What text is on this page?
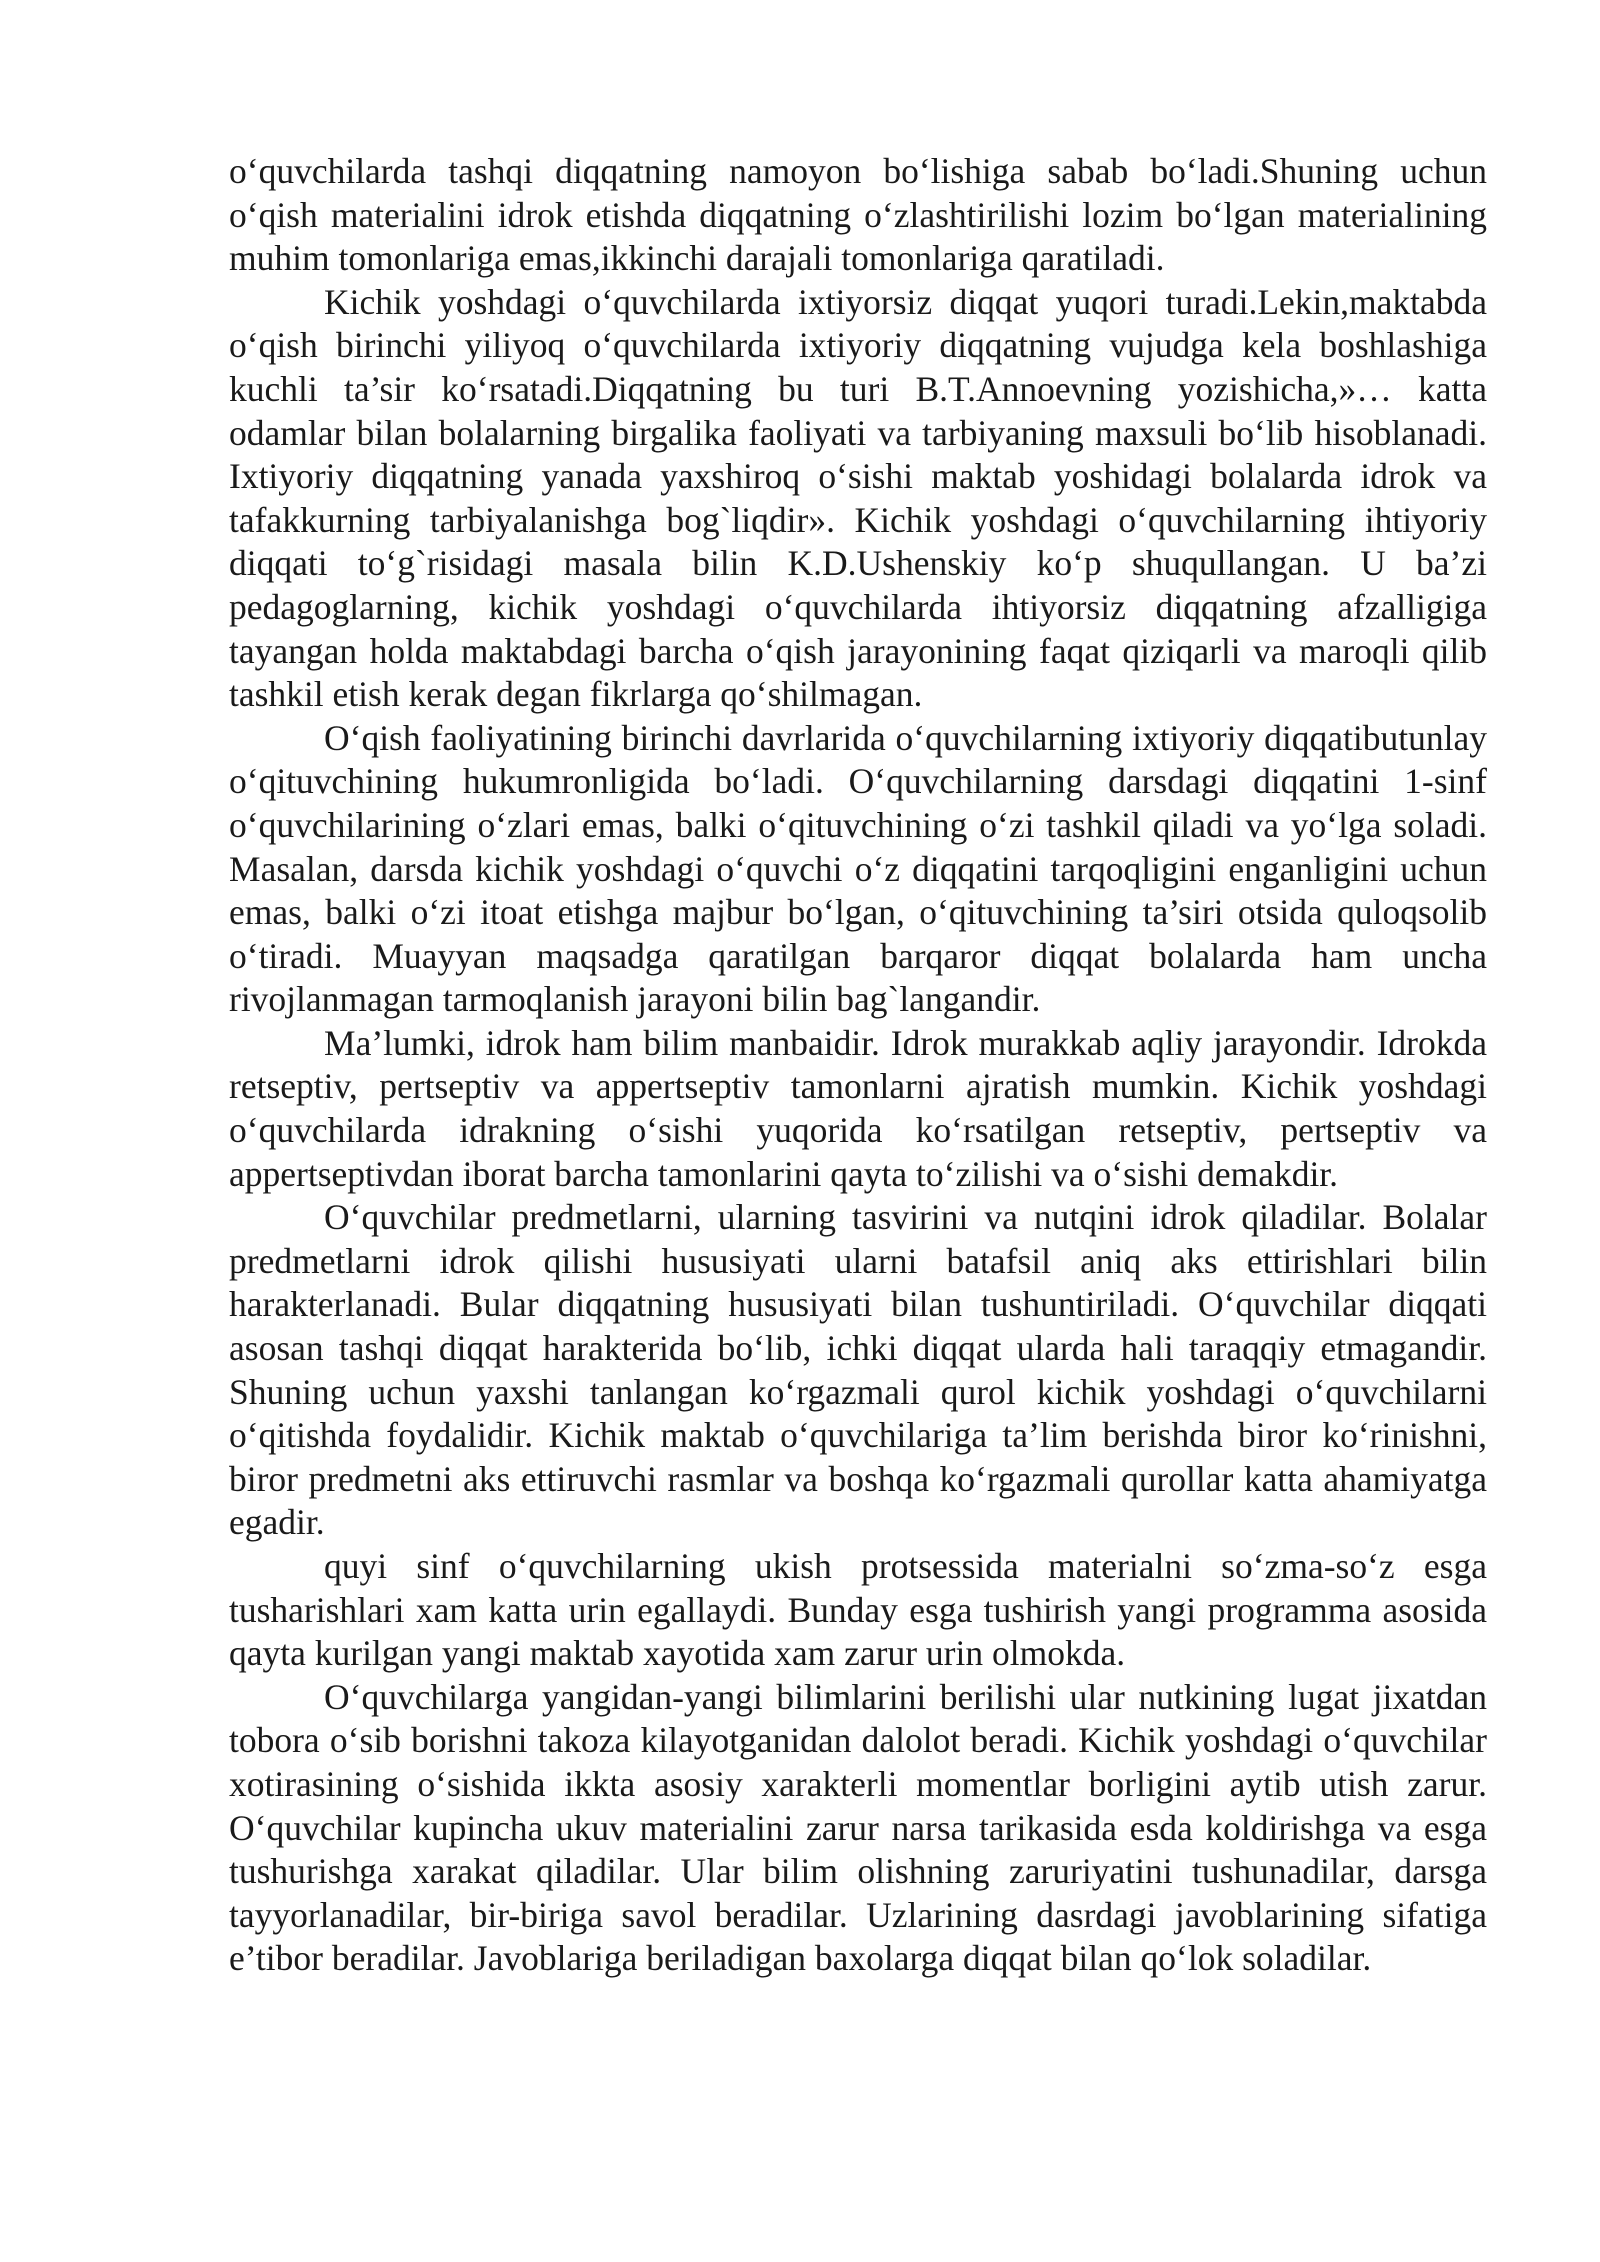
o‘quvchilarda tashqi diqqatning namoyon bo‘lishiga sabab bo‘ladi.Shuning uchun o‘qish materialini idrok etishda diqqatning o‘zlashtirilishi lozim bo‘lgan materialining muhim tomonlariga emas,ikkinchi darajali tomonlariga qaratiladi.

Kichik yoshdagi o‘quvchilarda ixtiyorsiz diqqat yuqori turadi.Lekin,maktabda o‘qish birinchi yiliyoq o‘quvchilarda ixtiyoriy diqqatning vujudga kela boshlashiga kuchli ta’sir ko‘rsatadi.Diqqatning bu turi B.T.Annoevning yozishicha,»… katta odamlar bilan bolalarning birgalika faoliyati va tarbiyaning maxsuli bo‘lib hisoblanadi. Ixtiyoriy diqqatning yanada yaxshiroq o‘sishi maktab yoshidagi bolalarda idrok va tafakkurning tarbiyalanishga bog`liqdir». Kichik yoshdagi o‘quvchilarning ihtiyoriy diqqati to‘g`risidagi masala bilin K.D.Ushenskiy ko‘p shuqullangan. U ba’zi pedagoglarning, kichik yoshdagi o‘quvchilarda ihtiyorsiz diqqatning afzalligiga tayangan holda maktabdagi barcha o‘qish jarayonining faqat qiziqarli va maroqli qilib tashkil etish kerak degan fikrlarga qo‘shilmagan.

O‘qish faoliyatining birinchi davrlarida o‘quvchilarning ixtiyoriy diqqatibutunlay o‘qituvchining hukumronligida bo‘ladi. O‘quvchilarning darsdagi diqqatini 1-sinf o‘quvchilarining o‘zlari emas, balki o‘qituvchining o‘zi tashkil qiladi va yo‘lga soladi. Masalan, darsda kichik yoshdagi o‘quvchi o‘z diqqatini tarqoqligini enganligini uchun emas, balki o‘zi itoat etishga majbur bo‘lgan, o‘qituvchining ta’siri otsida quloqsolib o‘tiradi. Muayyan maqsadga qaratilgan barqaror diqqat bolalarda ham uncha rivojlanmagan tarmoqlanish jarayoni bilin bag`langandir.

Ma’lumki, idrok ham bilim manbaidir. Idrok murakkab aqliy jarayondir. Idrokda retseptiv, pertseptiv va appertseptiv tamonlarni ajratish mumkin. Kichik yoshdagi o‘quvchilarda idrakning o‘sishi yuqorida ko‘rsatilgan retseptiv, pertseptiv va appertseptivdan iborat barcha tamonlarini qayta to‘zilishi va o‘sishi demakdir.

O‘quvchilar predmetlarni, ularning tasvirini va nutqini idrok qiladilar. Bolalar predmetlarni idrok qilishi hususiyati ularni batafsil aniq aks ettirishlari bilin harakterlanadi. Bular diqqatning hususiyati bilan tushuntiriladi. O‘quvchilar diqqati asosan tashqi diqqat harakterida bo‘lib, ichki diqqat ularda hali taraqqiy etmagandir. Shuning uchun yaxshi tanlangan ko‘rgazmali qurol kichik yoshdagi o‘quvchilarni o‘qitishda foydalidir. Kichik maktab o‘quvchilariga ta’lim berishda biror ko‘rinishni, biror predmetni aks ettiruvchi rasmlar va boshqa ko‘rgazmali qurollar katta ahamiyatga egadir.

quyi sinf o‘quvchilarning ukish protsessida materialni so‘zma-so‘z esga tusharishlari xam katta urin egallaydi. Bunday esga tushirish yangi programma asosida qayta kurilgan yangi maktab xayotida xam zarur urin olmokda.

O‘quvchilarga yangidan-yangi bilimlarini berilishi ular nutkining lugat jixatdan tobora o‘sib borishni takoza kilayotganidan dalolot beradi. Kichik yoshdagi o‘quvchilar xotirasining o‘sishida ikkta asosiy xarakterli momentlar borligini aytib utish zarur. O‘quvchilar kupincha ukuv materialini zarur narsa tarikasida esda koldirishga va esga tushurishga xarakat qiladilar. Ular bilim olishning zaruriyatini tushunadilar, darsga tayyorlanadilar, bir-biriga savol beradilar. Uzlarining dasrdagi javoblarining sifatiga e’tibor beradilar. Javoblariga beriladigan baxolarga diqqat bilan qo‘lok soladilar.
